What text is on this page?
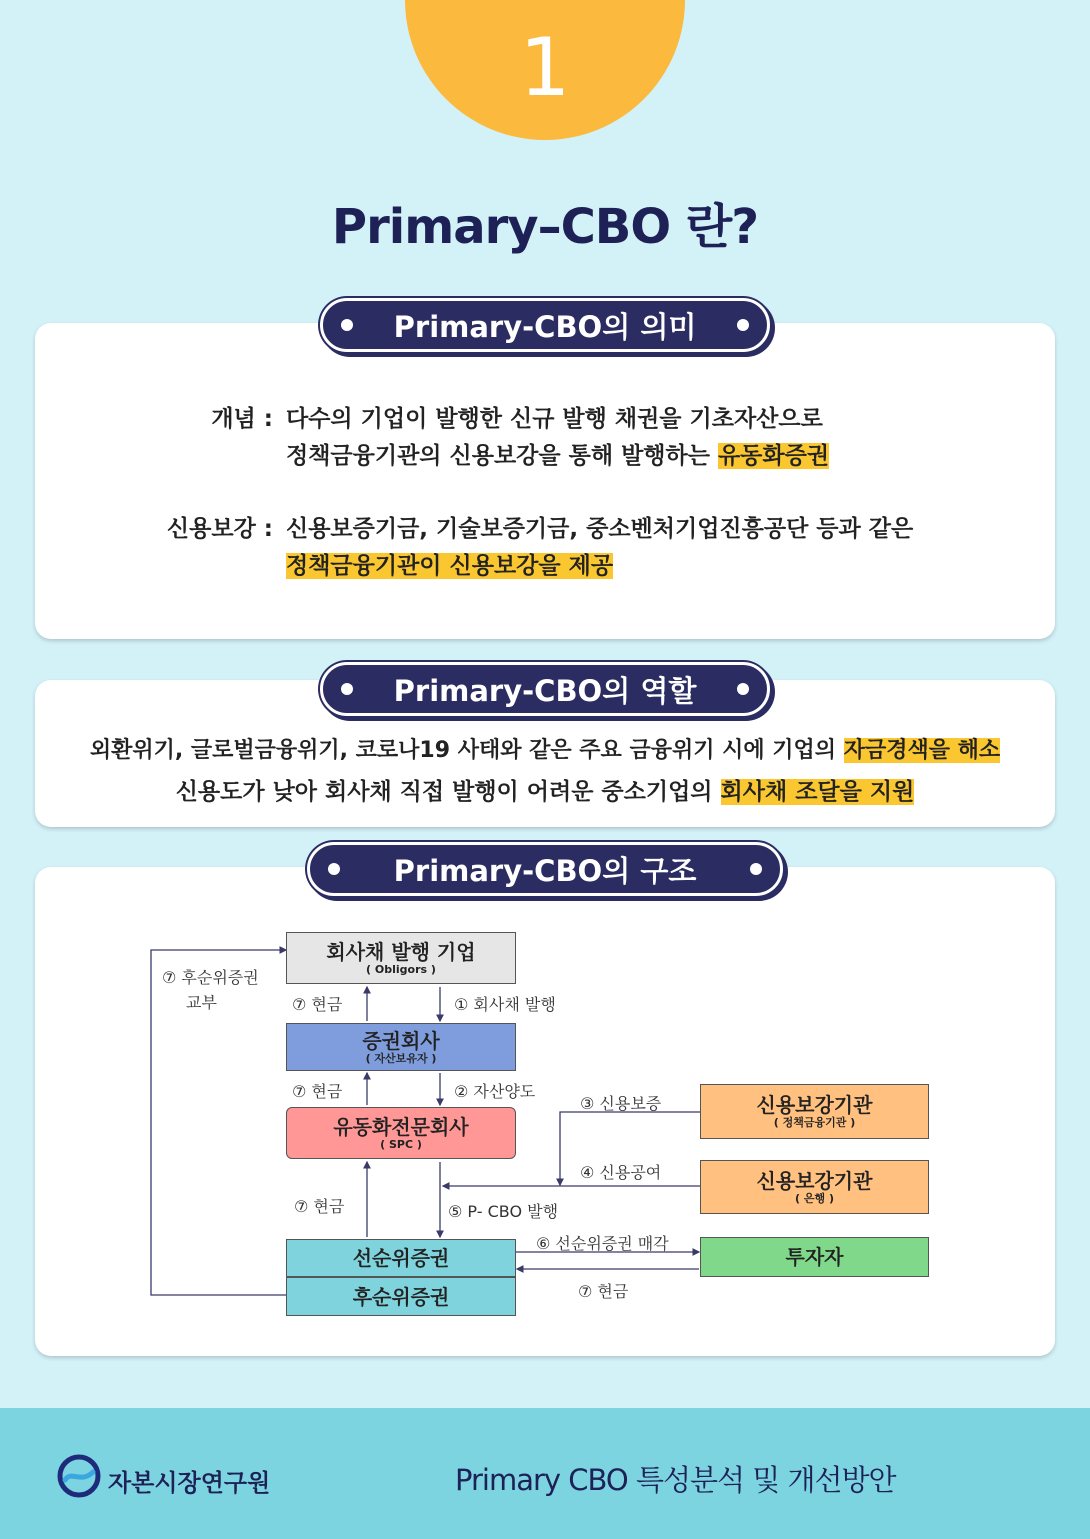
1
Primary–CBO 란?
개념 : 다수의 기업이 발행한 신규 발행 채권을 기초자산으로
정책금융기관의 신용보강을 통해 발행하는 유동화증권
신용보강 : 신용보증기금, 기술보증기금, 중소벤처기업진흥공단 등과 같은
정책금융기관이 신용보강을 제공
Primary-CBO의 의미
Primary-CBO의 역할
외환위기, 글로벌금융위기, 코로나19 사태와 같은 주요 금융위기 시에 기업의 자금경색을 해소
신용도가 낮아 회사채 직접 발행이 어려운 중소기업의 회사채 조달을 지원
Primary-CBO의 구조
회사채 발행 기업
( Obligors )
증권회사
( 자산보유자 )
유동화전문회사
( SPC )
신용보강기관
( 정책금융기관 )
신용보강기관
( 은행 )
선순위증권
후순위증권
투자자
⑦ 후순위증권
교부	⑦ 현금	① 회사채 발행
⑦ 현금	② 자산양도
③ 신용보증
④ 신용공여
⑦ 현금	⑤ P- CBO 발행
⑥ 선순위증권 매각
⑦ 현금
자본시장연구원	Primary CBO 특성분석 및 개선방안
